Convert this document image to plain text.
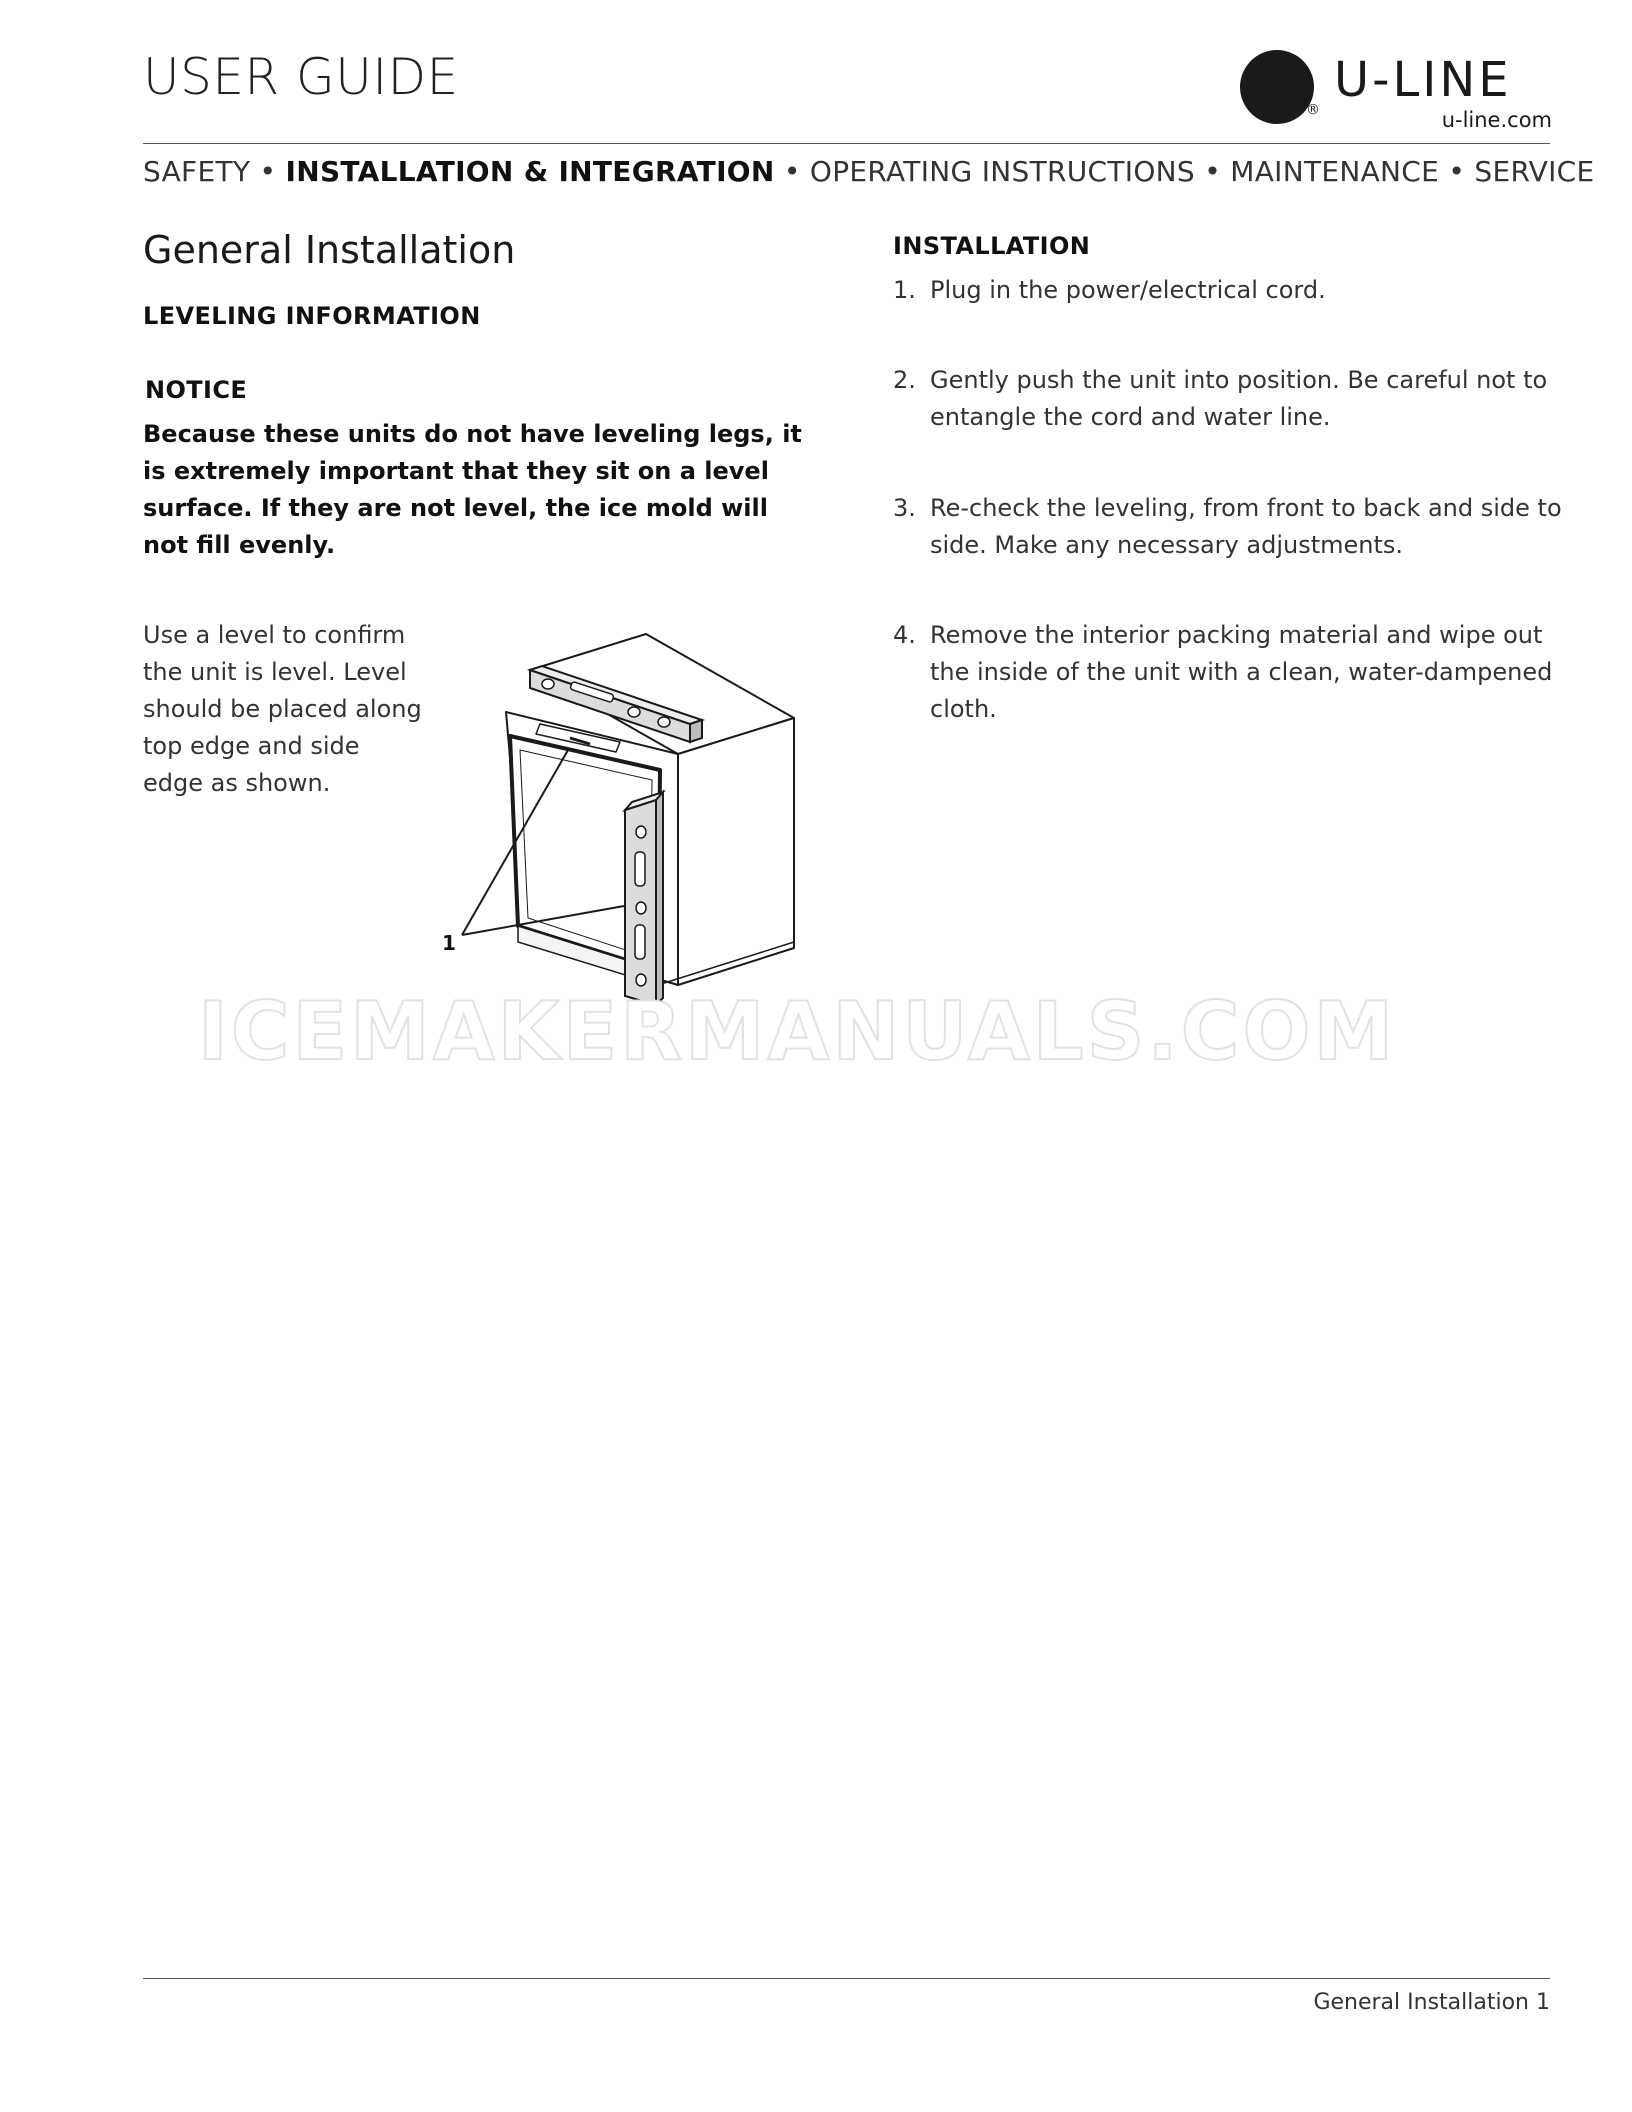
USER GUIDE	U
®
U-LINE
u-line.com
SAFETY • INSTALLATION & INTEGRATION • OPERATING INSTRUCTIONS • MAINTENANCE • SERVICE
General Installation
LEVELING INFORMATION
NOTICE
Because these units do not have leveling legs, it is extremely important that they sit on a level surface. If they are not level, the ice mold will not fill evenly.
Use a level to confirm the unit is level. Level should be placed along top edge and side edge as shown.
1
INSTALLATION
1. Plug in the power/electrical cord.
2. Gently push the unit into position. Be careful not to entangle the cord and water line.
3. Re-check the leveling, from front to back and side to side. Make any necessary adjustments.
4. Remove the interior packing material and wipe out the inside of the unit with a clean, water-dampened cloth.
ICEMAKERMANUALS.COM
General Installation 1
